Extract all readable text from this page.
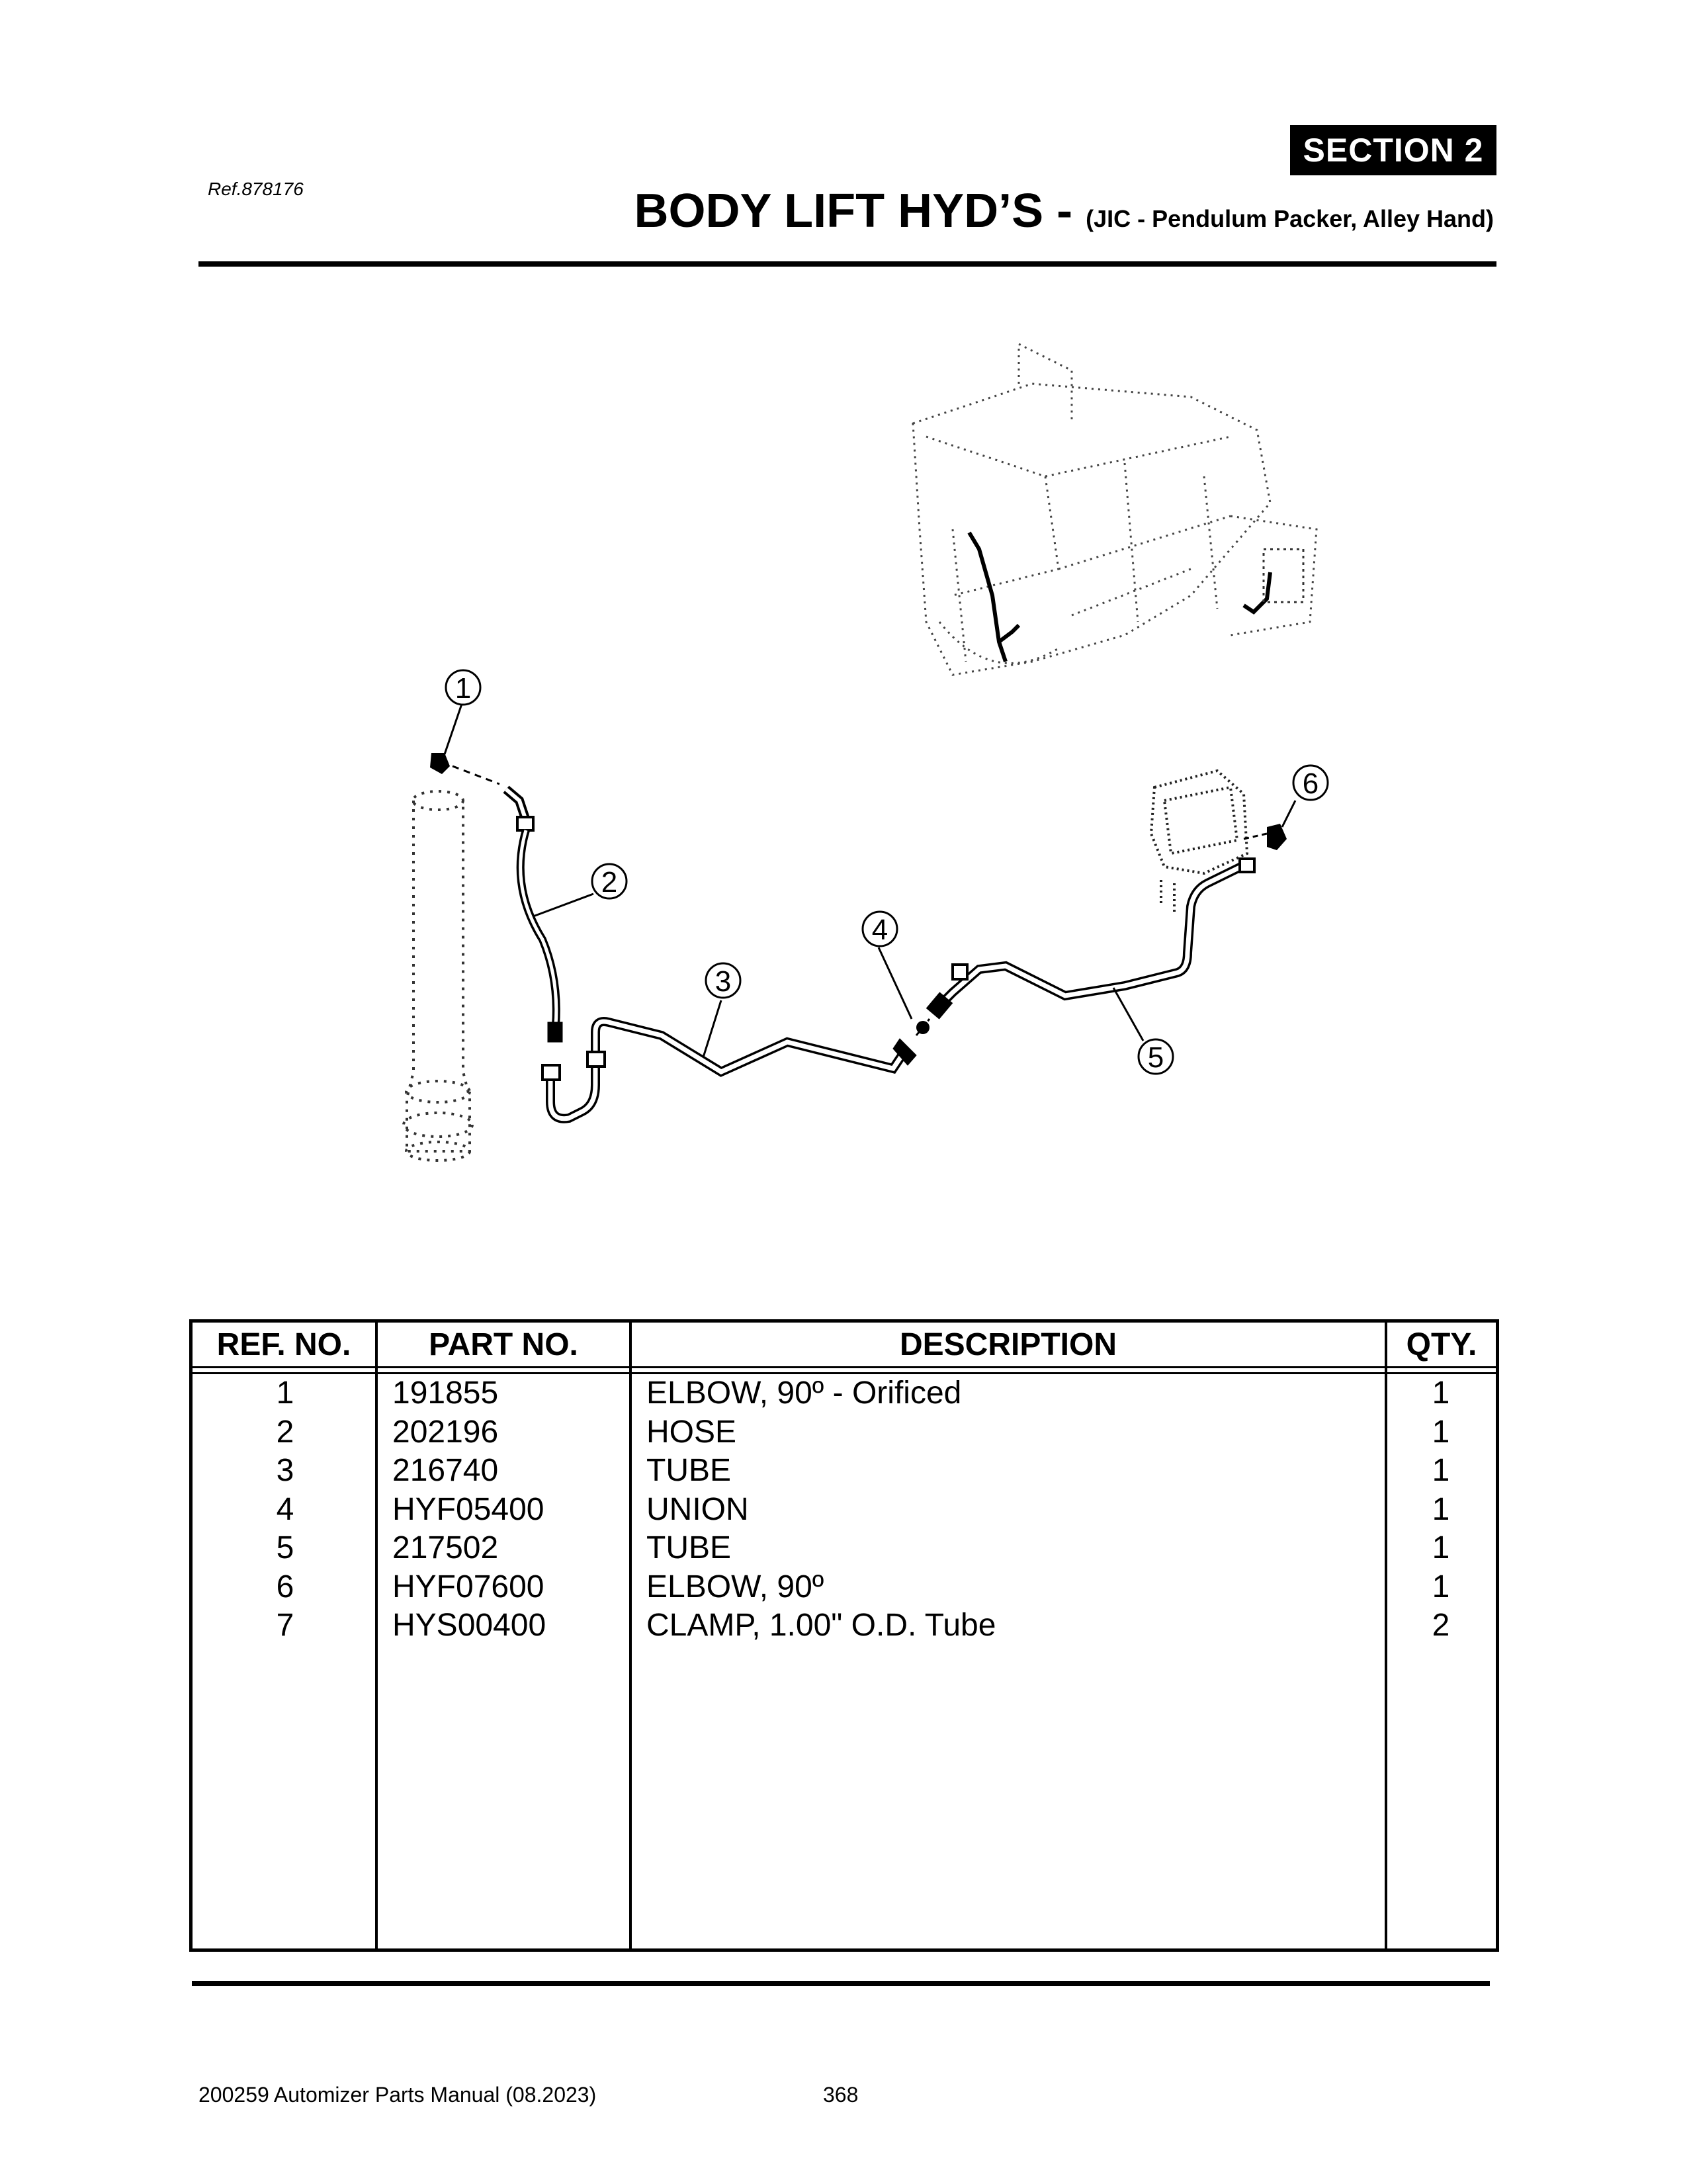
SECTION 2
Ref.878176	BODY LIFT HYD’S - (JIC - Pendulum Packer, Alley Hand)
1
2
3
4
5
6
REF. NO.	PART NO.	DESCRIPTION	QTY.
1	191855	ELBOW, 90º - Orificed	1
2	202196	HOSE	1
3	216740	TUBE	1
4	HYF05400	UNION	1
5	217502	TUBE	1
6	HYF07600	ELBOW, 90º	1
7	HYS00400	CLAMP, 1.00" O.D. Tube	2
200259 Automizer Parts Manual (08.2023)	368
